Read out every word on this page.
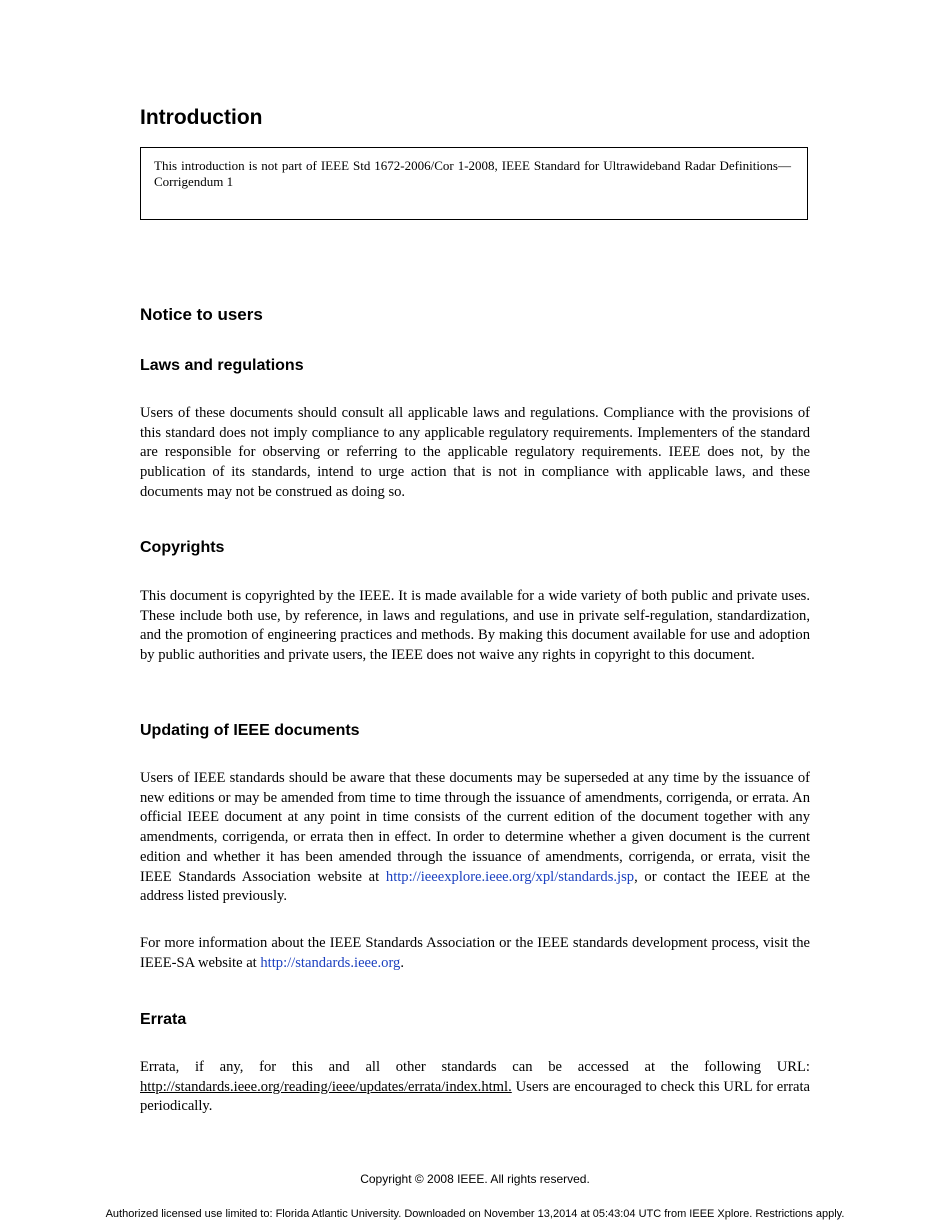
Introduction
This introduction is not part of IEEE Std 1672-2006/Cor 1-2008, IEEE Standard for Ultrawideband Radar Definitions— Corrigendum 1
Notice to users
Laws and regulations

Users of these documents should consult all applicable laws and regulations. Compliance with the provisions of this standard does not imply compliance to any applicable regulatory requirements. Implementers of the standard are responsible for observing or referring to the applicable regulatory requirements. IEEE does not, by the publication of its standards, intend to urge action that is not in compliance with applicable laws, and these documents may not be construed as doing so.

Copyrights

This document is copyrighted by the IEEE. It is made available for a wide variety of both public and private uses. These include both use, by reference, in laws and regulations, and use in private self-regulation, standardization, and the promotion of engineering practices and methods. By making this document available for use and adoption by public authorities and private users, the IEEE does not waive any rights in copyright to this document.

Updating of IEEE documents

Users of IEEE standards should be aware that these documents may be superseded at any time by the issuance of new editions or may be amended from time to time through the issuance of amendments, corrigenda, or errata. An official IEEE document at any point in time consists of the current edition of the document together with any amendments, corrigenda, or errata then in effect. In order to determine whether a given document is the current edition and whether it has been amended through the issuance of amendments, corrigenda, or errata, visit the IEEE Standards Association website at http://ieeexplore.ieee.org/xpl/standards.jsp, or contact the IEEE at the address listed previously.

For more information about the IEEE Standards Association or the IEEE standards development process, visit the IEEE-SA website at http://standards.ieee.org.

Errata

Errata, if any, for this and all other standards can be accessed at the following URL: http://standards.ieee.org/reading/ieee/updates/errata/index.html. Users are encouraged to check this URL for errata periodically.

Copyright © 2008 IEEE. All rights reserved.
Authorized licensed use limited to: Florida Atlantic University. Downloaded on November 13,2014 at 05:43:04 UTC from IEEE Xplore. Restrictions apply.
